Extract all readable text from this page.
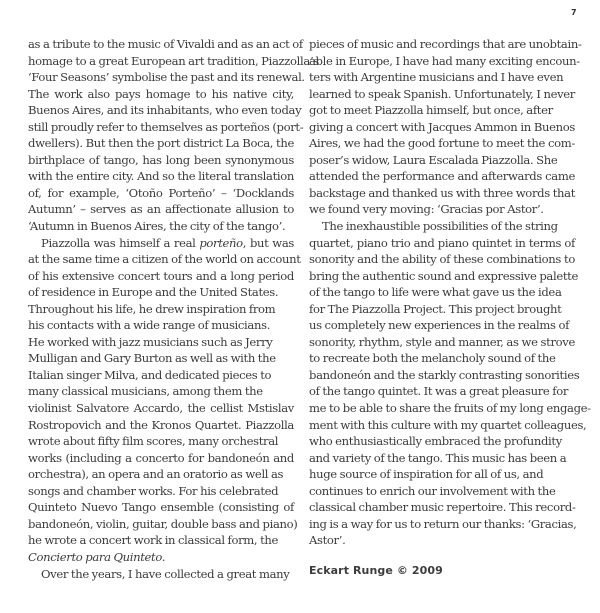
7
as a tribute to the music of Vivaldi and as an act of
homage to a great European art tradition, Piazzolla’s
‘Four Seasons’ symbolise the past and its renewal.
The work also pays homage to his native city,
Buenos Aires, and its inhabitants, who even today
still proudly refer to themselves as porteños (port-
dwellers). But then the port district La Boca, the
birthplace of tango, has long been synonymous
with the entire city. And so the literal translation
of, for example, ‘Otoño Porteño’ – ‘Docklands
Autumn’ – serves as an affectionate allusion to
‘Autumn in Buenos Aires, the city of the tango’.
Piazzolla was himself a real porteño, but was
at the same time a citizen of the world on account
of his extensive concert tours and a long period
of residence in Europe and the United States.
Throughout his life, he drew inspiration from
his contacts with a wide range of musicians.
He worked with jazz musicians such as Jerry
Mulligan and Gary Burton as well as with the
Italian singer Milva, and dedicated pieces to
many classical musicians, among them the
violinist Salvatore Accardo, the cellist Mstislav
Rostropovich and the Kronos Quartet. Piazzolla
wrote about fifty film scores, many orchestral
works (including a concerto for bandoneón and
orchestra), an opera and an oratorio as well as
songs and chamber works. For his celebrated
Quinteto Nuevo Tango ensemble (consisting of
bandoneón, violin, guitar, double bass and piano)
he wrote a concert work in classical form, the
Concierto para Quinteto.
Over the years, I have collected a great many
pieces of music and recordings that are unobtain-
able in Europe, I have had many exciting encoun-
ters with Argentine musicians and I have even
learned to speak Spanish. Unfortunately, I never
got to meet Piazzolla himself, but once, after
giving a concert with Jacques Ammon in Buenos
Aires, we had the good fortune to meet the com-
poser’s widow, Laura Escalada Piazzolla. She
attended the performance and afterwards came
backstage and thanked us with three words that
we found very moving: ‘Gracias por Astor’.
The inexhaustible possibilities of the string
quartet, piano trio and piano quintet in terms of
sonority and the ability of these combinations to
bring the authentic sound and expressive palette
of the tango to life were what gave us the idea
for The Piazzolla Project. This project brought
us completely new experiences in the realms of
sonority, rhythm, style and manner, as we strove
to recreate both the melancholy sound of the
bandoneón and the starkly contrasting sonorities
of the tango quintet. It was a great pleasure for
me to be able to share the fruits of my long engage-
ment with this culture with my quartet colleagues,
who enthusiastically embraced the profundity
and variety of the tango. This music has been a
huge source of inspiration for all of us, and
continues to enrich our involvement with the
classical chamber music repertoire. This record-
ing is a way for us to return our thanks: ‘Gracias,
Astor’.
Eckart Runge © 2009
